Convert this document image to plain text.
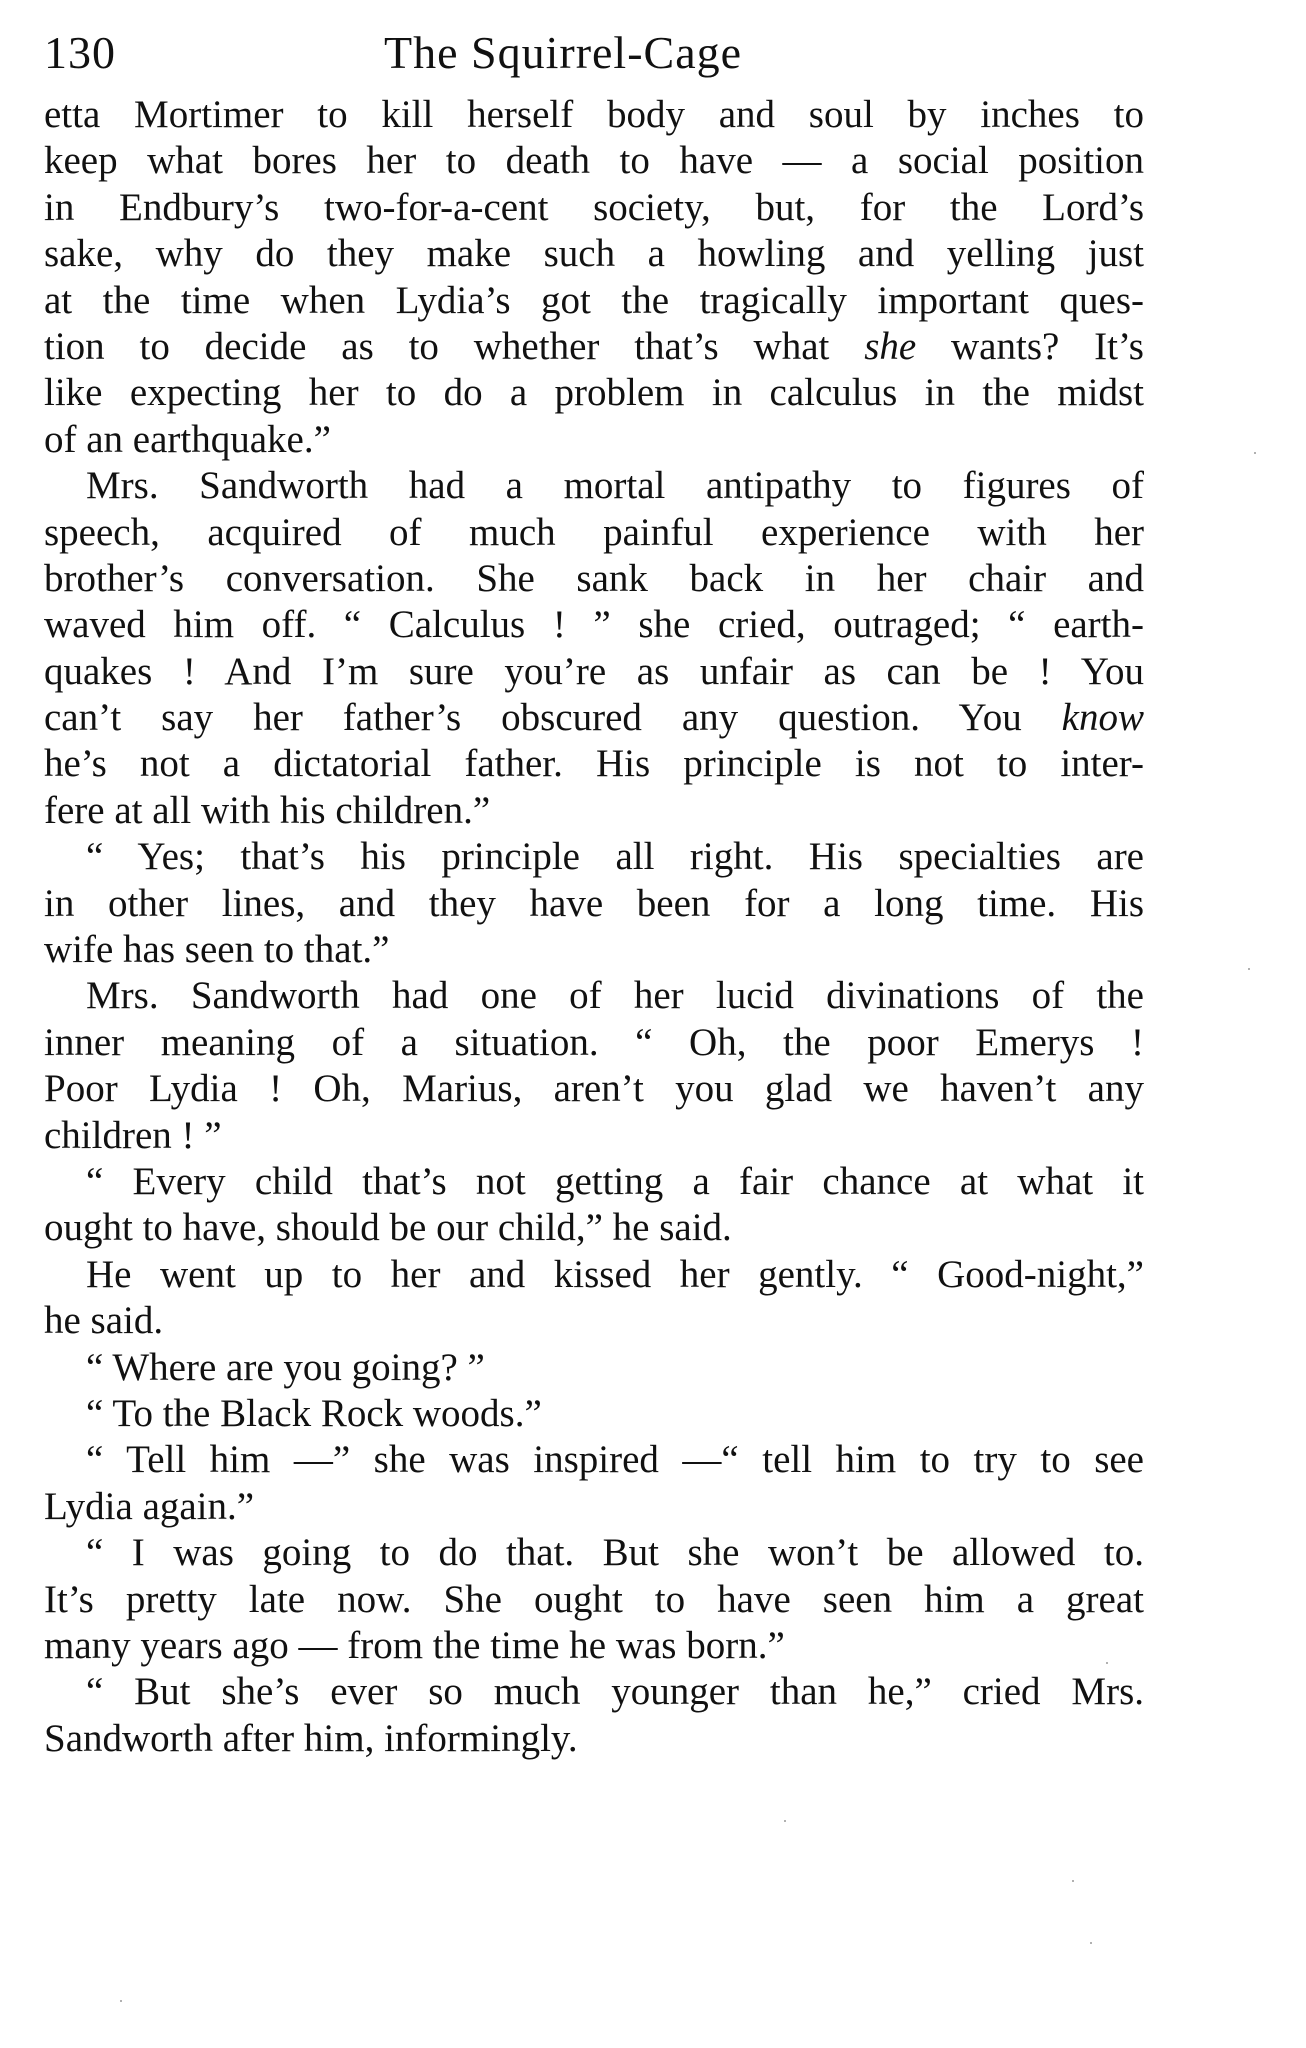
130	The Squirrel-Cage
etta Mortimer to kill herself body and soul by inches to
keep what bores her to death to have — a social position
in Endbury’s two-for-a-cent society, but, for the Lord’s
sake, why do they make such a howling and yelling just
at the time when Lydia’s got the tragically important ques-
tion to decide as to whether that’s what she wants? It’s
like expecting her to do a problem in calculus in the midst
of an earthquake.”
Mrs. Sandworth had a mortal antipathy to figures of
speech, acquired of much painful experience with her
brother’s conversation. She sank back in her chair and
waved him off. “ Calculus ! ” she cried, outraged; “ earth-
quakes ! And I’m sure you’re as unfair as can be ! You
can’t say her father’s obscured any question. You know
he’s not a dictatorial father. His principle is not to inter-
fere at all with his children.”
“ Yes; that’s his principle all right. His specialties are
in other lines, and they have been for a long time. His
wife has seen to that.”
Mrs. Sandworth had one of her lucid divinations of the
inner meaning of a situation. “ Oh, the poor Emerys !
Poor Lydia ! Oh, Marius, aren’t you glad we haven’t any
children ! ”
“ Every child that’s not getting a fair chance at what it
ought to have, should be our child,” he said.
He went up to her and kissed her gently. “ Good-night,”
he said.
“ Where are you going? ”
“ To the Black Rock woods.”
“ Tell him —” she was inspired —“ tell him to try to see
Lydia again.”
“ I was going to do that. But she won’t be allowed to.
It’s pretty late now. She ought to have seen him a great
many years ago — from the time he was born.”
“ But she’s ever so much younger than he,” cried Mrs.
Sandworth after him, informingly.
